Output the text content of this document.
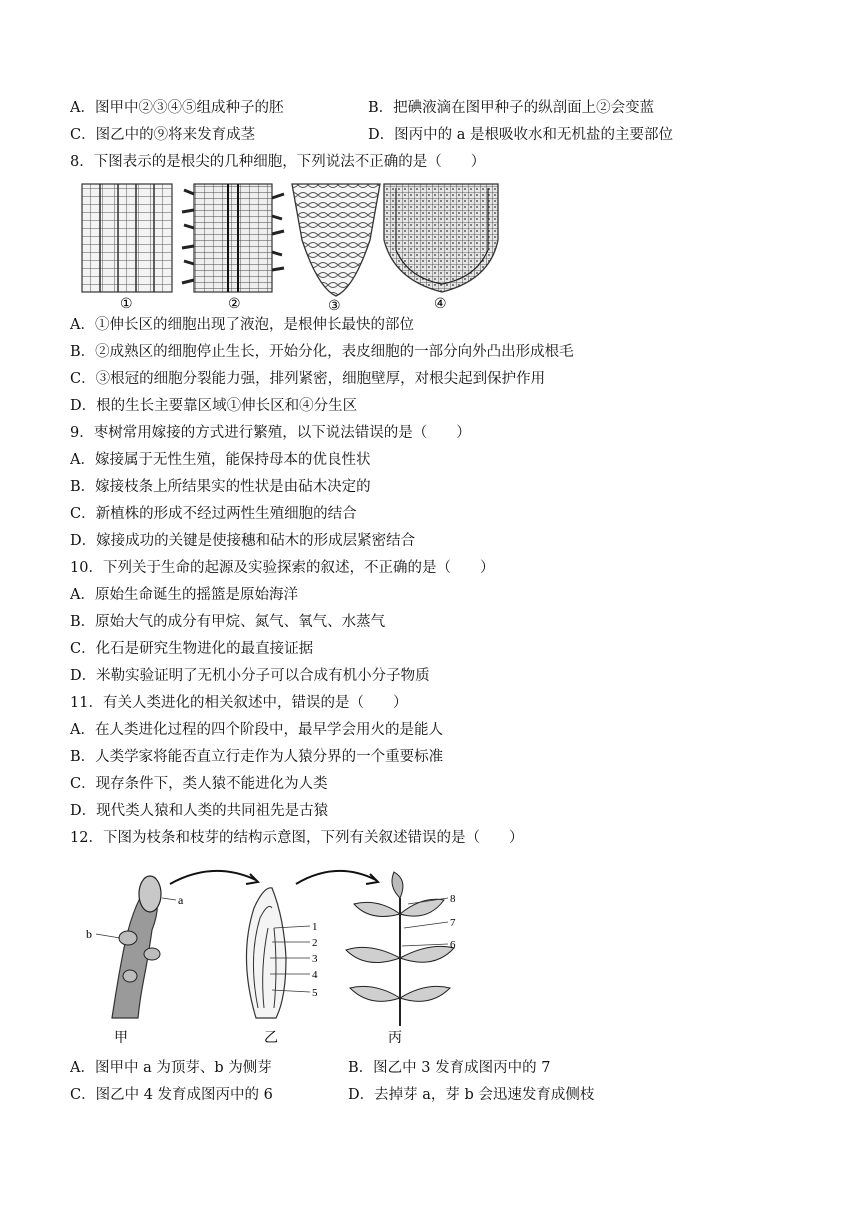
A．图甲中②③④⑤组成种子的胚	B．把碘液滴在图甲种子的纵剖面上②会变蓝
C．图乙中的⑨将来发育成茎	D．图丙中的 a 是根吸收水和无机盐的主要部位
8．下图表示的是根尖的几种细胞，下列说法不正确的是（　　）
①	②	③	④
A．①伸长区的细胞出现了液泡，是根伸长最快的部位
B．②成熟区的细胞停止生长，开始分化，表皮细胞的一部分向外凸出形成根毛
C．③根冠的细胞分裂能力强，排列紧密，细胞壁厚，对根尖起到保护作用
D．根的生长主要靠区域①伸长区和④分生区
9．枣树常用嫁接的方式进行繁殖，以下说法错误的是（　　）
A．嫁接属于无性生殖，能保持母本的优良性状
B．嫁接枝条上所结果实的性状是由砧木决定的
C．新植株的形成不经过两性生殖细胞的结合
D．嫁接成功的关键是使接穗和砧木的形成层紧密结合
10．下列关于生命的起源及实验探索的叙述，不正确的是（　　）
A．原始生命诞生的摇篮是原始海洋
B．原始大气的成分有甲烷、氮气、氧气、水蒸气
C．化石是研究生物进化的最直接证据
D．米勒实验证明了无机小分子可以合成有机小分子物质
11．有关人类进化的相关叙述中，错误的是（　　）
A．在人类进化过程的四个阶段中，最早学会用火的是能人
B．人类学家将能否直立行走作为人猿分界的一个重要标准
C．现存条件下，类人猿不能进化为人类
D．现代类人猿和人类的共同祖先是古猿
12．下图为枝条和枝芽的结构示意图，下列有关叙述错误的是（　　）
a
b
甲
1
2
3
4
5
乙
8
7
6
丙
A．图甲中 a 为顶芽、b 为侧芽	B．图乙中 3 发育成图丙中的 7
C．图乙中 4 发育成图丙中的 6	D．去掉芽 a，芽 b 会迅速发育成侧枝
